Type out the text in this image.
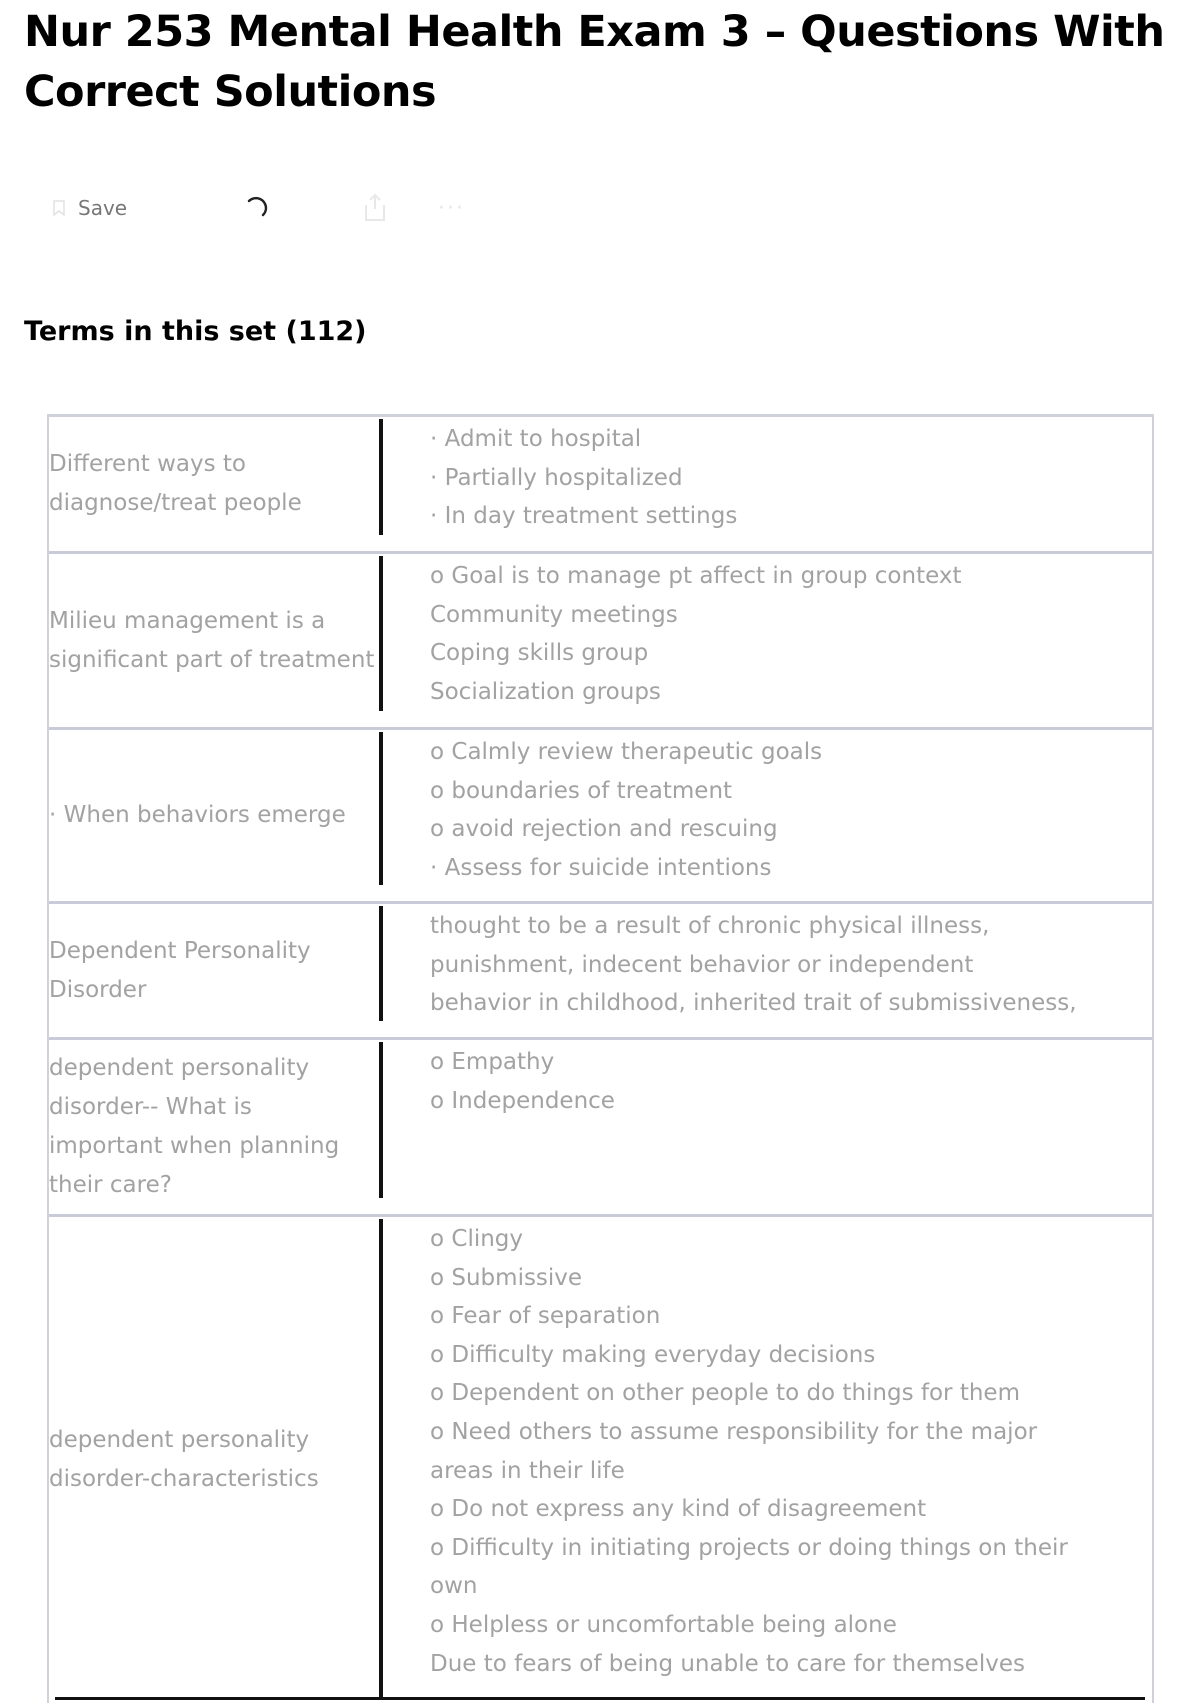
Nur 253 Mental Health Exam 3 – Questions With Correct Solutions
Save	···
Terms in this set (112)
Different ways to
diagnose/treat people
· Admit to hospital
· Partially hospitalized
· In day treatment settings
Milieu management is a
significant part of treatment
o Goal is to manage pt affect in group context
Community meetings
Coping skills group
Socialization groups
· When behaviors emerge
o Calmly review therapeutic goals
o boundaries of treatment
o avoid rejection and rescuing
· Assess for suicide intentions
Dependent Personality
Disorder
thought to be a result of chronic physical illness,
punishment, indecent behavior or independent
behavior in childhood, inherited trait of submissiveness,
dependent personality
disorder-- What is
important when planning
their care?
o Empathy
o Independence
dependent personality
disorder-characteristics
o Clingy
o Submissive
o Fear of separation
o Difficulty making everyday decisions
o Dependent on other people to do things for them
o Need others to assume responsibility for the major
areas in their life
o Do not express any kind of disagreement
o Difficulty in initiating projects or doing things on their
own
o Helpless or uncomfortable being alone
Due to fears of being unable to care for themselves
